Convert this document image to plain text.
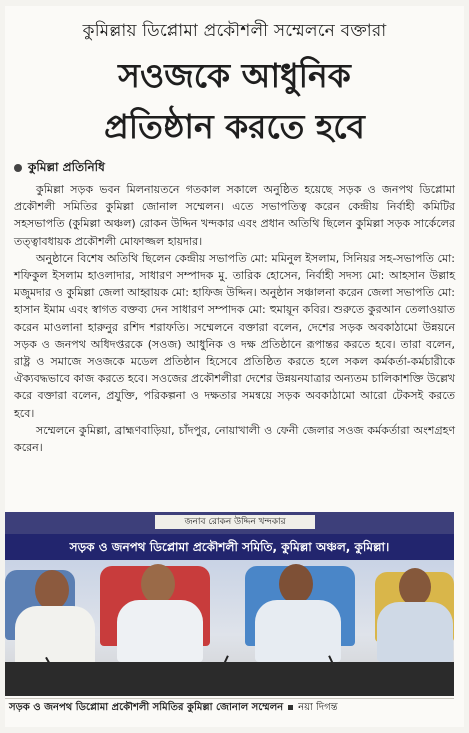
কুমিল্লায় ডিপ্লোমা প্রকৌশলী সম্মেলনে বক্তারা
সওজকে আধুনিক
প্রতিষ্ঠান করতে হবে
কুমিল্লা প্রতিনিধি

কুমিল্লা সড়ক ভবন মিলনায়তনে গতকাল সকালে অনুষ্ঠিত হয়েছে সড়ক ও জনপথ ডিপ্লোমা প্রকৌশলী সমিতির কুমিল্লা জোনাল সম্মেলন। এতে সভাপতিত্ব করেন কেন্দ্রীয় নির্বাহী কমিটির সহসভাপতি (কুমিল্লা অঞ্চল) রোকন উদ্দিন খন্দকার এবং প্রধান অতিথি ছিলেন কুমিল্লা সড়ক সার্কেলের তত্ত্বাবধায়ক প্রকৌশলী মোফাজ্জল হায়দার।

অনুষ্ঠানে বিশেষ অতিথি ছিলেন কেন্দ্রীয় সভাপতি মো: মমিনুল ইসলাম, সিনিয়র সহ-সভাপতি মো: শফিকুল ইসলাম হাওলাদার, সাধারণ সম্পাদক মু. তারিক হোসেন, নির্বাহী সদস্য মো: আহসান উল্লাহ মজুমদার ও কুমিল্লা জেলা আহ্বায়ক মো: হাফিজ উদ্দিন। অনুষ্ঠান সঞ্চালনা করেন জেলা সভাপতি মো: হাসান ইমাম এবং স্বাগত বক্তব্য দেন সাধারণ সম্পাদক মো: হুমায়ূন কবির। শুরুতে কুরআন তেলাওয়াত করেন মাওলানা হারুনুর রশিদ শরাফতি। সম্মেলনে বক্তারা বলেন, দেশের সড়ক অবকাঠামো উন্নয়নে সড়ক ও জনপথ অধিদপ্তরকে (সওজ) আধুনিক ও দক্ষ প্রতিষ্ঠানে রূপান্তর করতে হবে। তারা বলেন, রাষ্ট্র ও সমাজে সওজকে মডেল প্রতিষ্ঠান হিসেবে প্রতিষ্ঠিত করতে হলে সকল কর্মকর্তা-কর্মচারীকে ঐক্যবদ্ধভাবে কাজ করতে হবে। সওজের প্রকৌশলীরা দেশের উন্নয়নযাত্রার অন্যতম চালিকাশক্তি উল্লেখ করে বক্তারা বলেন, প্রযুক্তি, পরিকল্পনা ও দক্ষতার সমন্বয়ে সড়ক অবকাঠামো আরো টেকসই করতে হবে।

সম্মেলনে কুমিল্লা, ব্রাহ্মণবাড়িয়া, চাঁদপুর, নোয়াখালী ও ফেনী জেলার সওজ কর্মকর্তারা অংশগ্রহণ করেন।

জনাব রোকন উদ্দিন খন্দকার
সড়ক ও জনপথ ডিপ্লোমা প্রকৌশলী সমিতি, কুমিল্লা অঞ্চল, কুমিল্লা।
সড়ক ও জনপথ ডিপ্লোমা প্রকৌশলী সমিতির কুমিল্লা জোনাল সম্মেলন নয়া দিগন্ত
